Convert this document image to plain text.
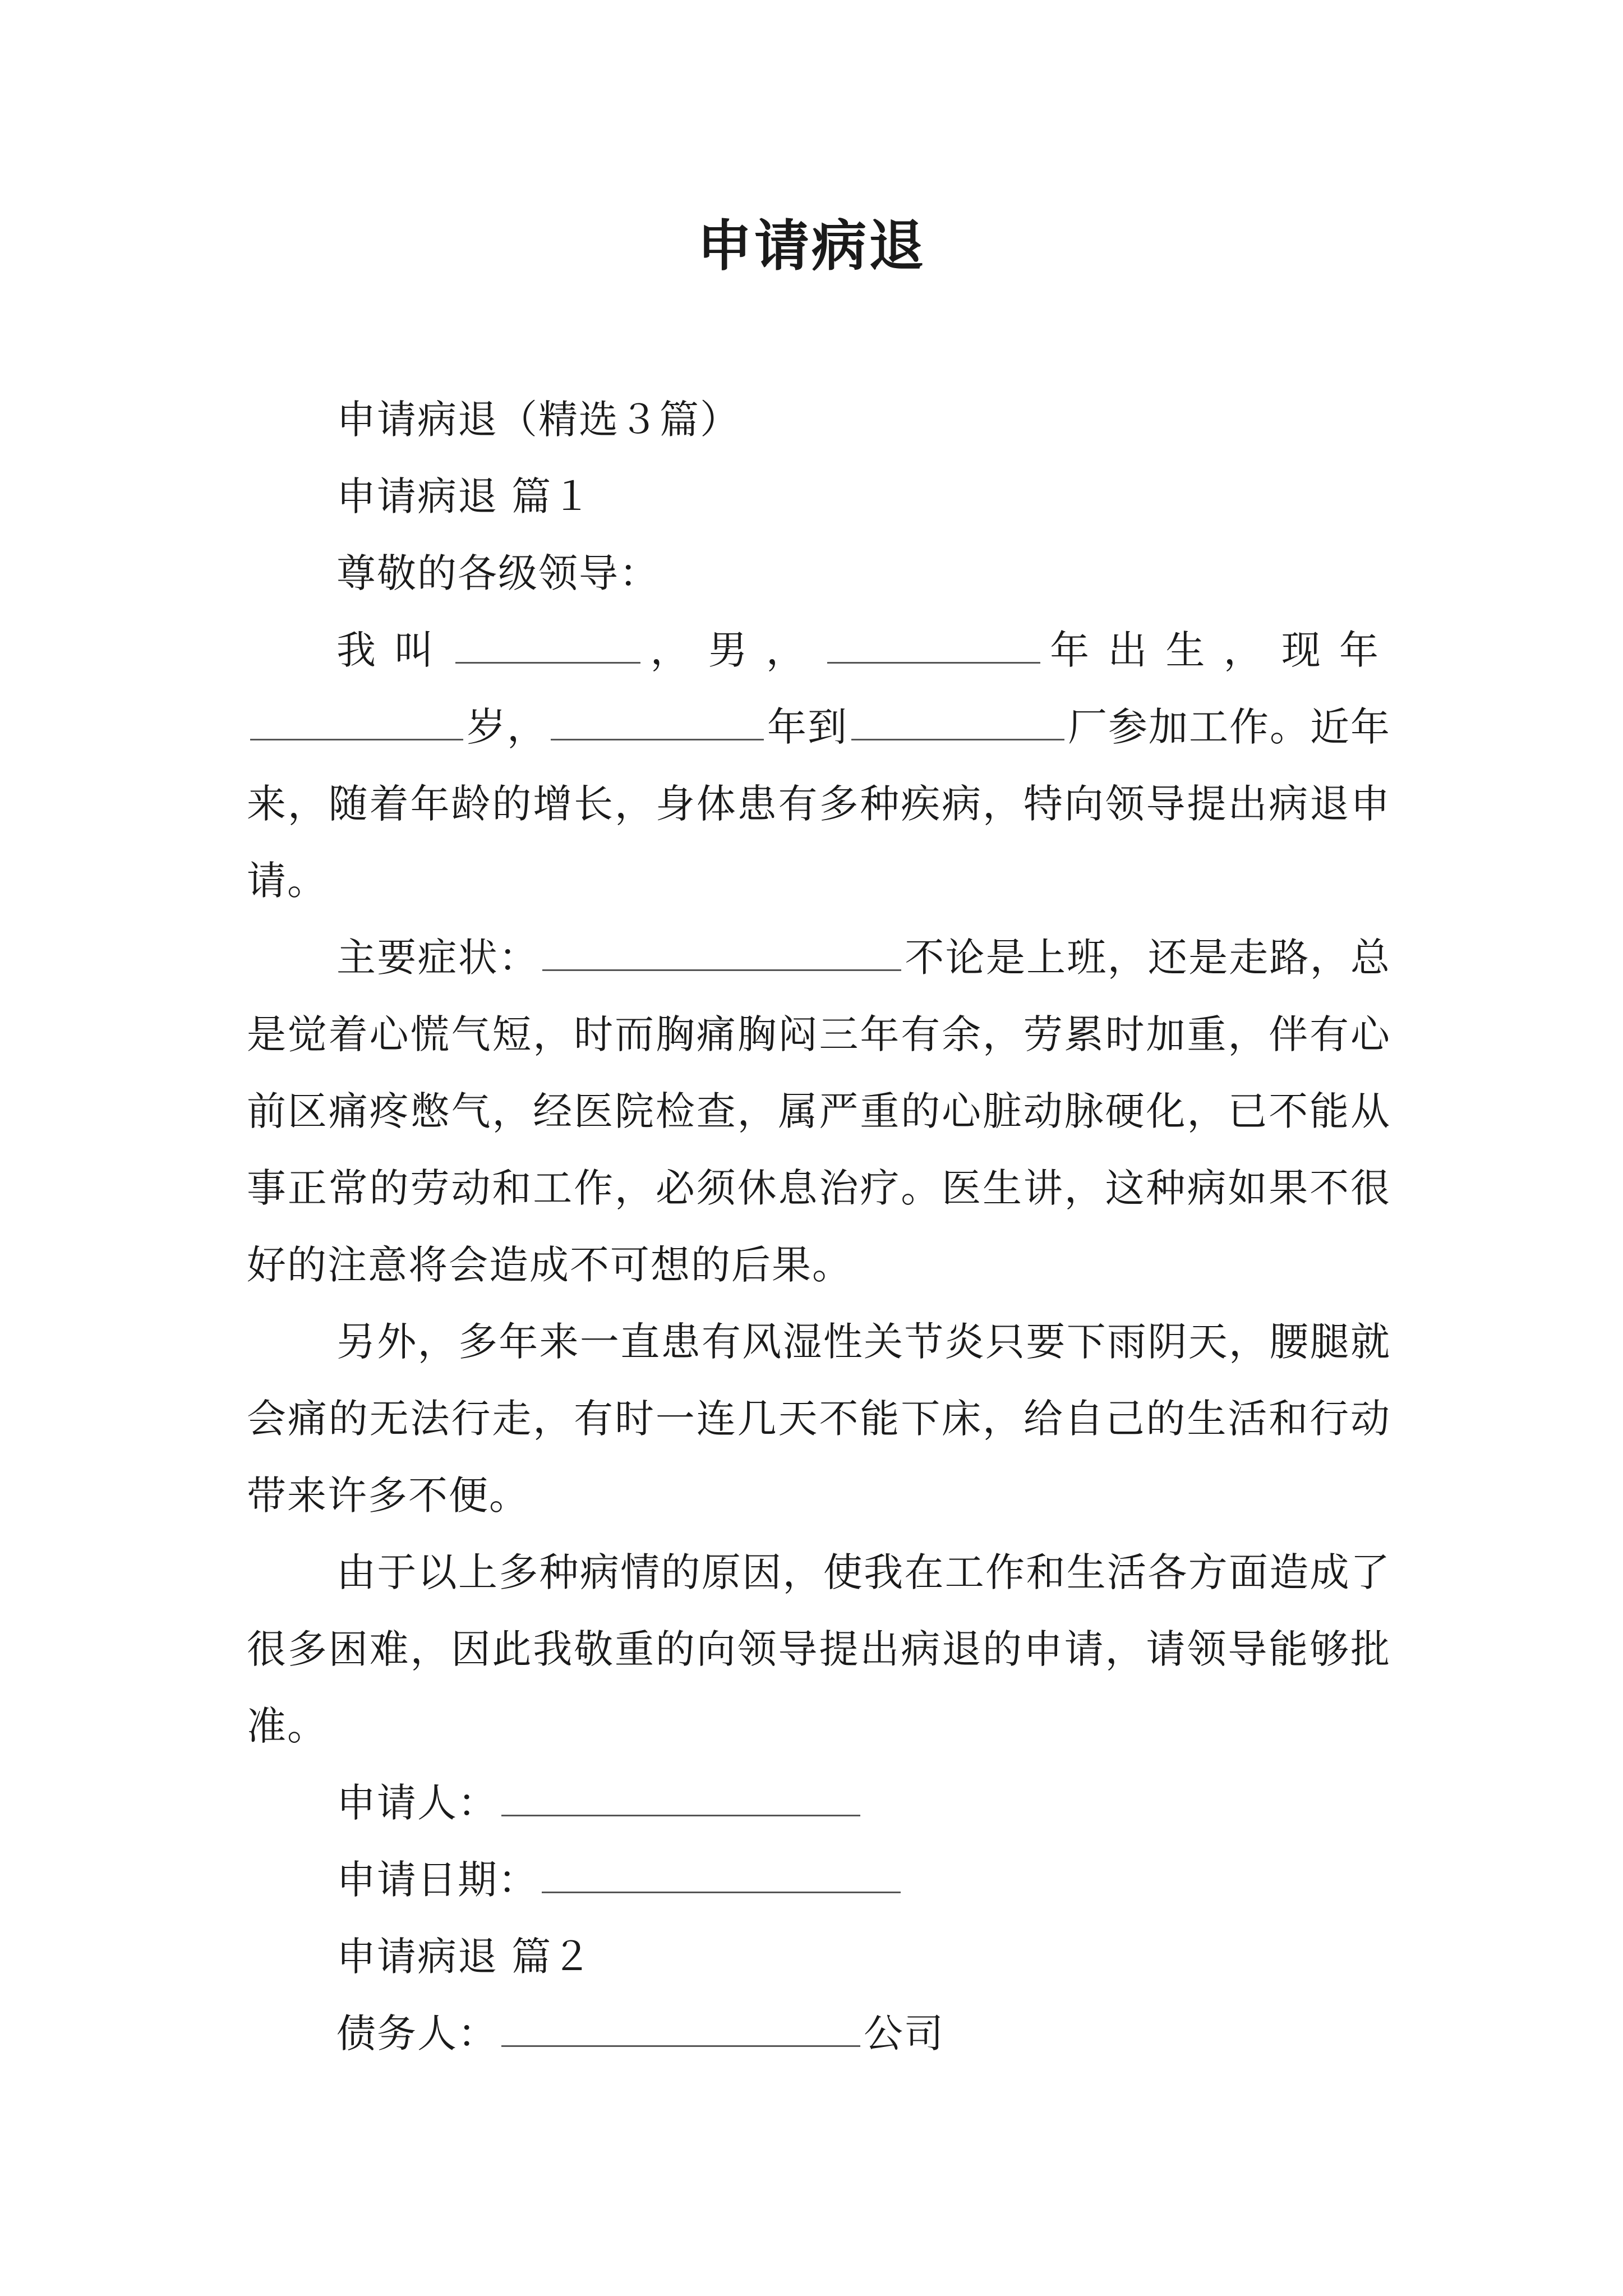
申请病退

申请病退（精选３篇）

申请病退 篇１

尊敬的各级领导：

我叫	，男，	年出生，现年岁，	年到	厂参加工作。近年来，随着年龄的增长，身体患有多种疾病，特向领导提出病退申请。

主要症状：	不论是上班，还是走路，总是觉着心慌气短，时而胸痛胸闷三年有余，劳累时加重，伴有心前区痛疼憋气，经医院检查，属严重的心脏动脉硬化，已不能从事正常的劳动和工作，必须休息治疗。医生讲，这种病如果不很好的注意将会造成不可想的后果。

另外，多年来一直患有风湿性关节炎只要下雨阴天，腰腿就会痛的无法行走，有时一连几天不能下床，给自己的生活和行动带来许多不便。

由于以上多种病情的原因，使我在工作和生活各方面造成了很多困难，因此我敬重的向领导提出病退的申请，请领导能够批准。

申请人：

申请日期：

申请病退 篇２

债务人：	公司
